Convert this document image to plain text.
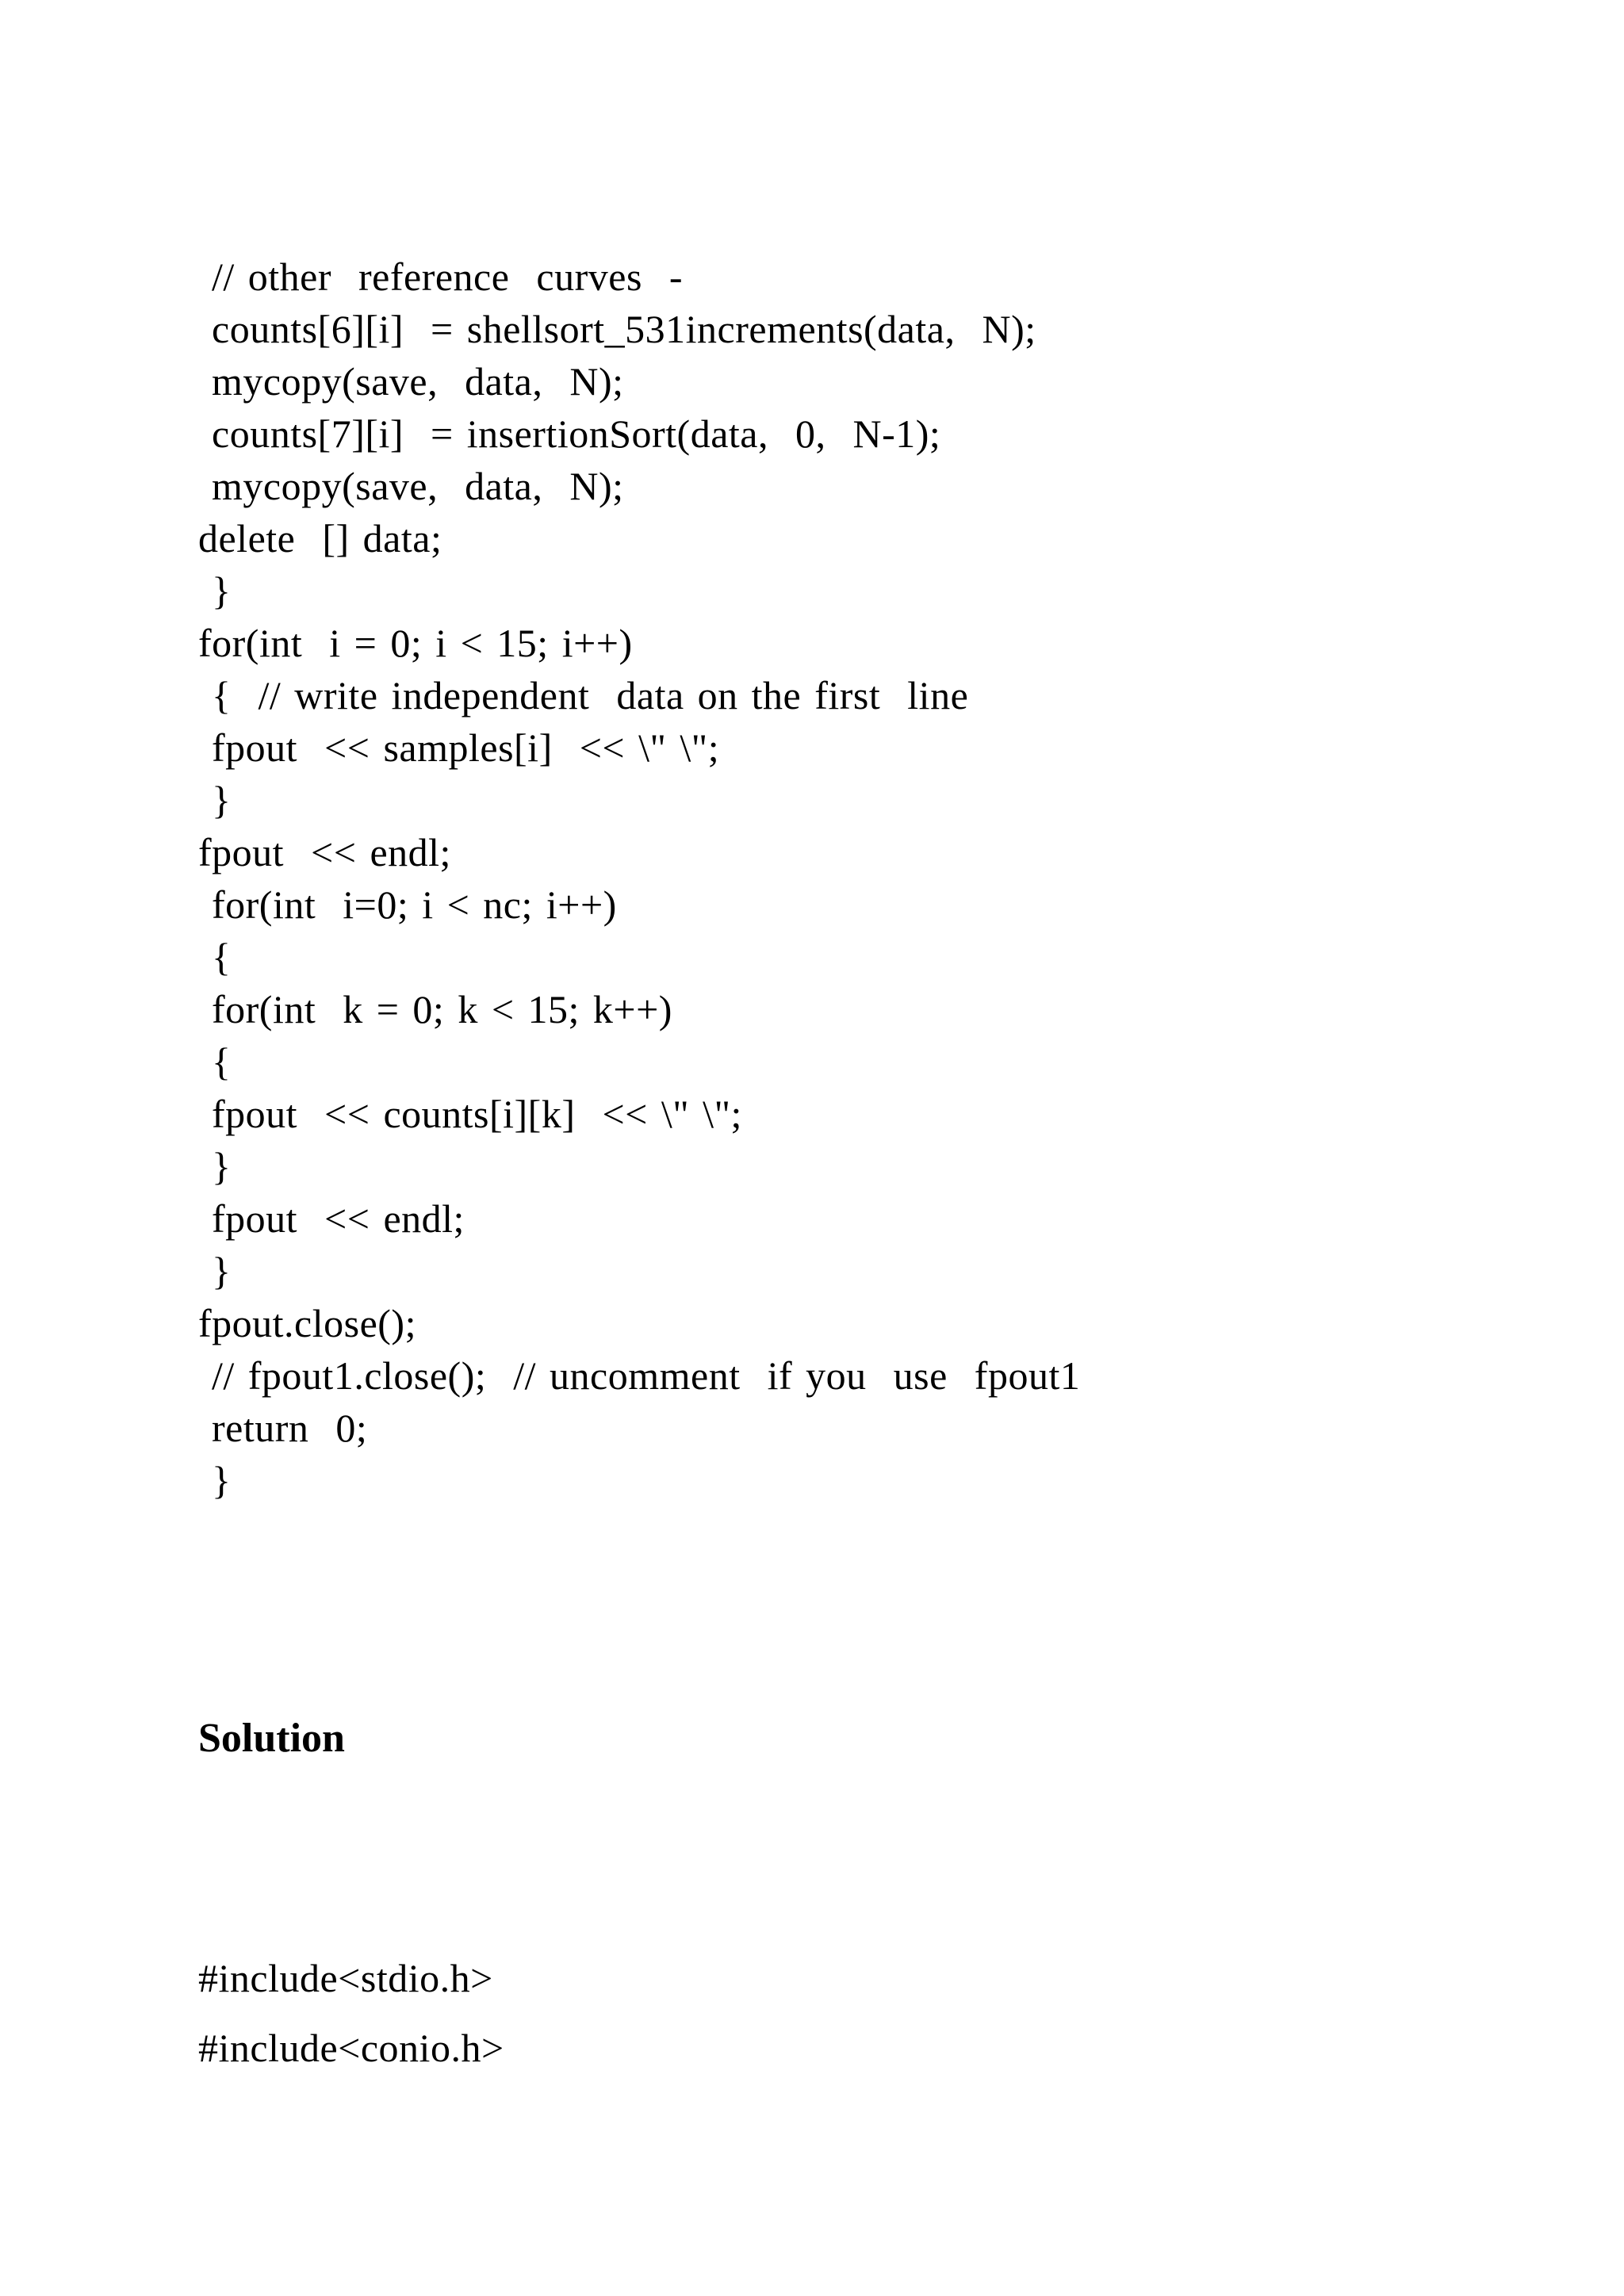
// other  reference  curves  -
counts[6][i]  = shellsort_531increments(data,  N);
mycopy(save,  data,  N);
counts[7][i]  = insertionSort(data,  0,  N-1);
mycopy(save,  data,  N);
delete  [] data;
}
for(int  i = 0; i < 15; i++)
{  // write independent  data on the first  line
fpout  << samples[i]  << \" \";
}
fpout  << endl;
for(int  i=0; i < nc; i++)
{
for(int  k = 0; k < 15; k++)
{
fpout  << counts[i][k]  << \" \";
}
fpout  << endl;
}
fpout.close();
// fpout1.close();  // uncomment  if you  use  fpout1
return  0;
}
Solution
#include<stdio.h>
#include<conio.h>
